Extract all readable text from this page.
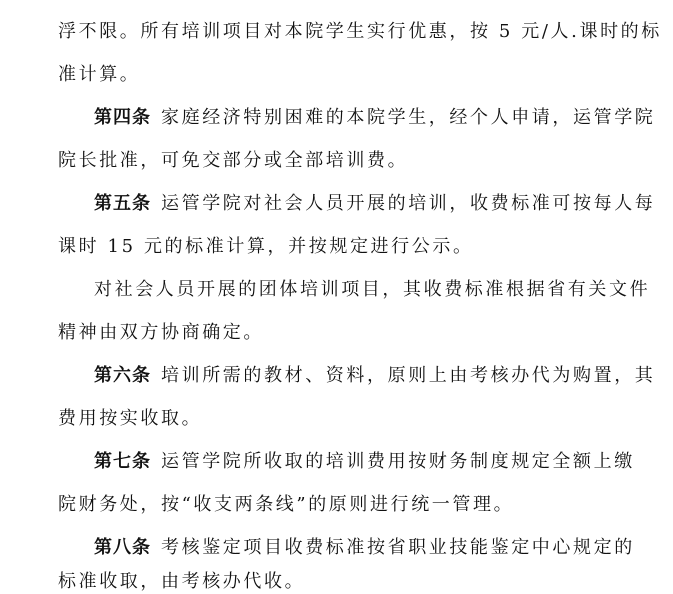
浮不限。所有培训项目对本院学生实行优惠，按 5 元/人.课时的标
准计算。
第四条 家庭经济特别困难的本院学生，经个人申请，运管学院
院长批准，可免交部分或全部培训费。
第五条 运管学院对社会人员开展的培训，收费标准可按每人每
课时 15 元的标准计算，并按规定进行公示。
对社会人员开展的团体培训项目，其收费标准根据省有关文件
精神由双方协商确定。
第六条 培训所需的教材、资料，原则上由考核办代为购置，其
费用按实收取。
第七条 运管学院所收取的培训费用按财务制度规定全额上缴
院财务处，按“收支两条线”的原则进行统一管理。
第八条 考核鉴定项目收费标准按省职业技能鉴定中心规定的
标准收取，由考核办代收。
